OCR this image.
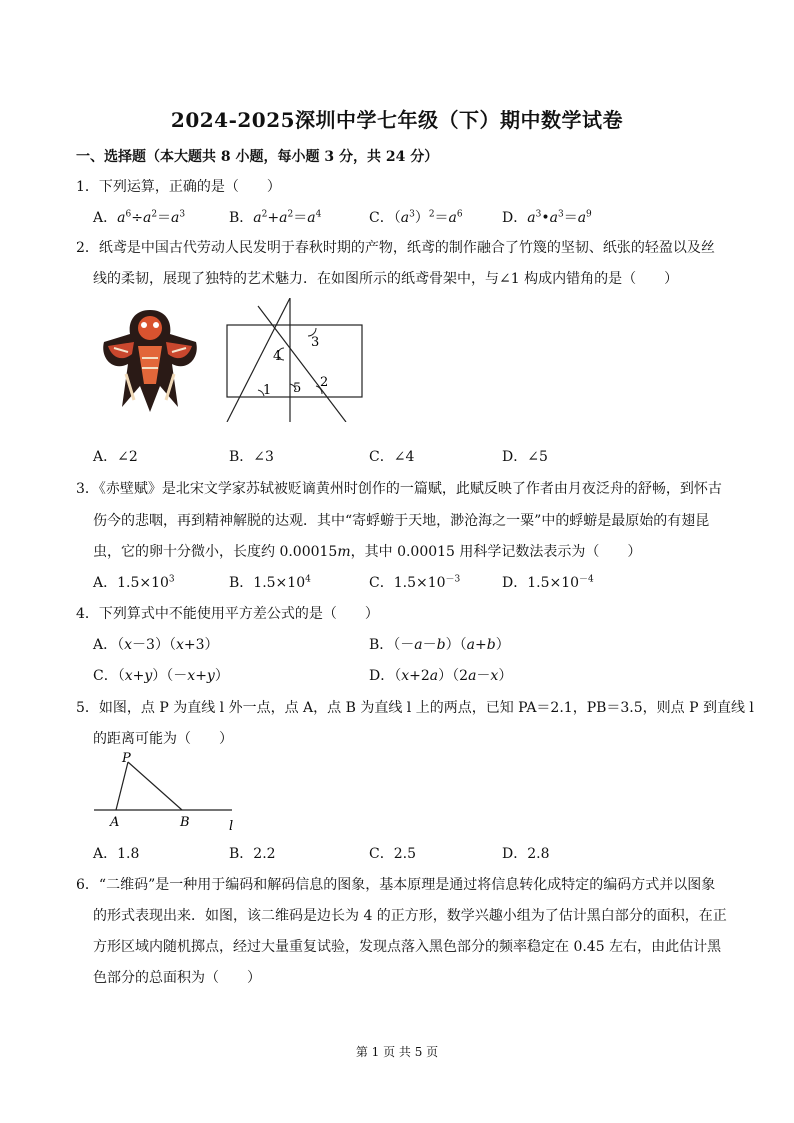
2024-2025深圳中学七年级（下）期中数学试卷
一、选择题（本大题共 8 小题，每小题 3 分，共 24 分）
1．下列运算，正确的是（　　）
A．$a^6\div a^2=a^3$	B．$a^2+a^2=a^4$	C．$(a^3)^2=a^6$	D．$a^3•a^3=a^9$
2．纸鸢是中国古代劳动人民发明于春秋时期的产物，纸鸢的制作融合了竹篾的坚韧、纸张的轻盈以及丝
线的柔韧，展现了独特的艺术魅力．在如图所示的纸鸢骨架中，与∠1 构成内错角的是（　　）
1
2
3
4
5
A．∠2	B．∠3	C．∠4	D．∠5
3．《赤壁赋》是北宋文学家苏轼被贬谪黄州时创作的一篇赋，此赋反映了作者由月夜泛舟的舒畅，到怀古
伤今的悲咽，再到精神解脱的达观．其中“寄蜉蝣于天地，渺沧海之一粟”中的蜉蝣是最原始的有翅昆
虫，它的卵十分微小，长度约 0.00015m，其中 0.00015 用科学记数法表示为（　　）
A．$1.5\times 10^3$	B．$1.5\times 10^4$	C．$1.5\times 10^{-3}$	D．$1.5\times 10^{-4}$
4．下列算式中不能使用平方差公式的是（　　）
A．（x－3）（x+3）	B．（－a－b）（a+b）
C．（x+y）（－x+y）	D．（x+2a）（2a－x）
5．如图，点 P 为直线 l 外一点，点 A，点 B 为直线 l 上的两点，已知 PA＝2.1，PB＝3.5，则点 P 到直线 l
的距离可能为（　　）
P
A	B	l
A．1.8	B．2.2	C．2.5	D．2.8
6．“二维码”是一种用于编码和解码信息的图象，基本原理是通过将信息转化成特定的编码方式并以图象
的形式表现出来．如图，该二维码是边长为 4 的正方形，数学兴趣小组为了估计黑白部分的面积，在正
方形区域内随机掷点，经过大量重复试验，发现点落入黑色部分的频率稳定在 0.45 左右，由此估计黑
色部分的总面积为（　　）
第 1 页 共 5 页
